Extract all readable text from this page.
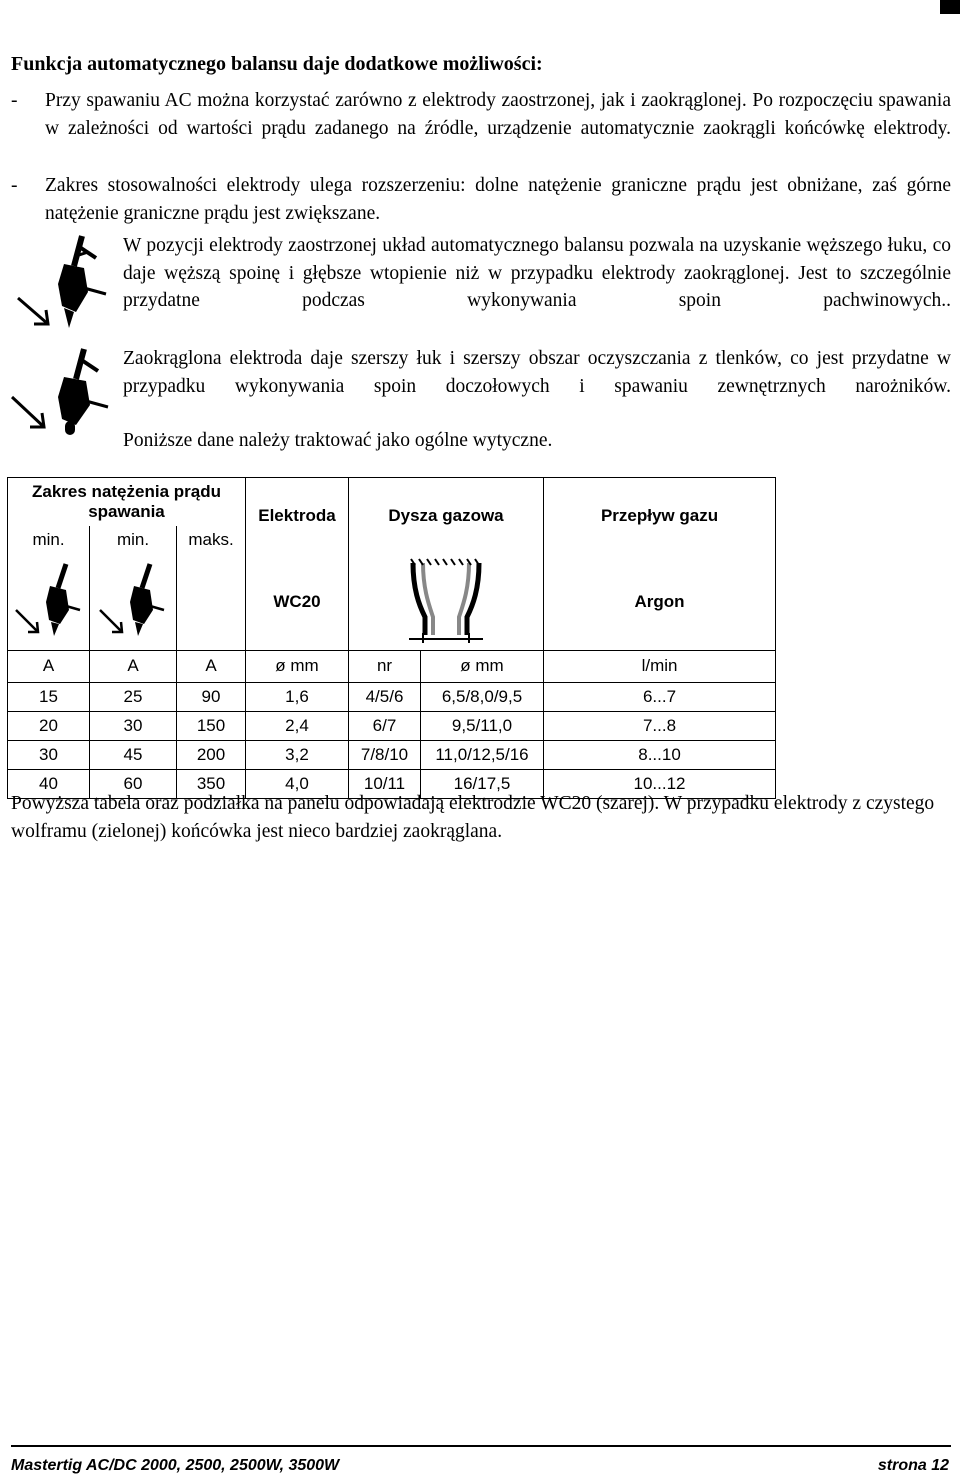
Funkcja automatycznego balansu daje dodatkowe możliwości:

- Przy spawaniu AC można korzystać zarówno z elektrody zaostrzonej, jak i zaokrąglonej. Po rozpoczęciu spawania w zależności od wartości prądu zadanego na źródle, urządzenie automatycznie zaokrągli końcówkę elektrody.

- Zakres stosowalności elektrody ulega rozszerzeniu: dolne natężenie graniczne prądu jest obniżane, zaś górne natężenie graniczne prądu jest zwiększane.

W pozycji elektrody zaostrzonej układ automatycznego balansu pozwala na uzyskanie węższego łuku, co daje węższą spoinę i głębsze wtopienie niż w przypadku elektrody zaokrąglonej. Jest to szczególnie przydatne podczas wykonywania spoin pachwinowych..

Zaokrąglona elektroda daje szerszy łuk i szerszy obszar oczyszczania z tlenków, co jest przydatne w przypadku wykonywania spoin doczołowych i spawaniu zewnętrznych narożników.

Poniższe dane należy traktować jako ogólne wytyczne.

Zakres natężenia prądu spawania			Elektroda	Dysza gazowa		Przepływ gazu
min.	min.	maks.				
			WC20			Argon
A	A	A	ø mm	nr	ø mm	l/min
15	25	90	1,6	4/5/6	6,5/8,0/9,5	6...7
20	30	150	2,4	6/7	9,5/11,0	7...8
30	45	200	3,2	7/8/10	11,0/12,5/16	8...10
40	60	350	4,0	10/11	16/17,5	10...12

Powyższa tabela oraz podziałka na panelu odpowiadają elektrodzie WC20 (szarej). W przypadku elektrody z czystego wolframu (zielonej) końcówka jest nieco bardziej zaokrąglana.

Mastertig AC/DC 2000, 2500, 2500W, 3500W	strona 12
